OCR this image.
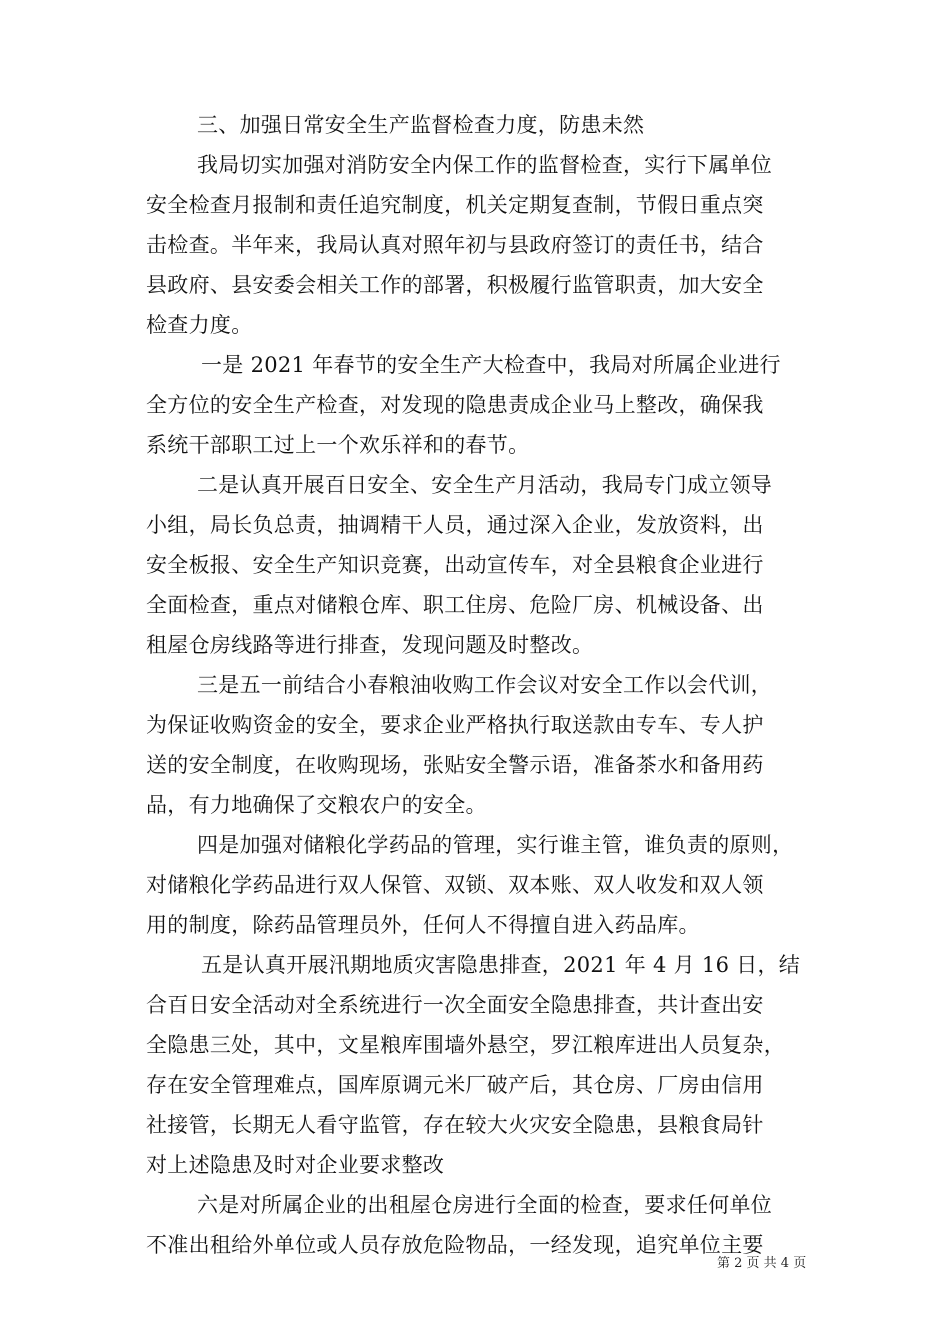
三、加强日常安全生产监督检查力度，防患未然
我局切实加强对消防安全内保工作的监督检查，实行下属单位
安全检查月报制和责任追究制度，机关定期复查制，节假日重点突
击检查。半年来，我局认真对照年初与县政府签订的责任书，结合
县政府、县安委会相关工作的部署，积极履行监管职责，加大安全
检查力度。
一是 2021 年春节的安全生产大检查中，我局对所属企业进行
全方位的安全生产检查，对发现的隐患责成企业马上整改，确保我
系统干部职工过上一个欢乐祥和的春节。
二是认真开展百日安全、安全生产月活动，我局专门成立领导
小组，局长负总责，抽调精干人员，通过深入企业，发放资料，出
安全板报、安全生产知识竞赛，出动宣传车，对全县粮食企业进行
全面检查，重点对储粮仓库、职工住房、危险厂房、机械设备、出
租屋仓房线路等进行排查，发现问题及时整改。
三是五一前结合小春粮油收购工作会议对安全工作以会代训，
为保证收购资金的安全，要求企业严格执行取送款由专车、专人护
送的安全制度，在收购现场，张贴安全警示语，准备茶水和备用药
品，有力地确保了交粮农户的安全。
四是加强对储粮化学药品的管理，实行谁主管，谁负责的原则，
对储粮化学药品进行双人保管、双锁、双本账、双人收发和双人领
用的制度，除药品管理员外，任何人不得擅自进入药品库。
五是认真开展汛期地质灾害隐患排查，2021 年 4 月 16 日，结
合百日安全活动对全系统进行一次全面安全隐患排查，共计查出安
全隐患三处，其中，文星粮库围墙外悬空，罗江粮库进出人员复杂，
存在安全管理难点，国库原调元米厂破产后，其仓房、厂房由信用
社接管，长期无人看守监管，存在较大火灾安全隐患，县粮食局针
对上述隐患及时对企业要求整改
六是对所属企业的出租屋仓房进行全面的检查，要求任何单位
不准出租给外单位或人员存放危险物品，一经发现，追究单位主要
第 2 页 共 4 页
